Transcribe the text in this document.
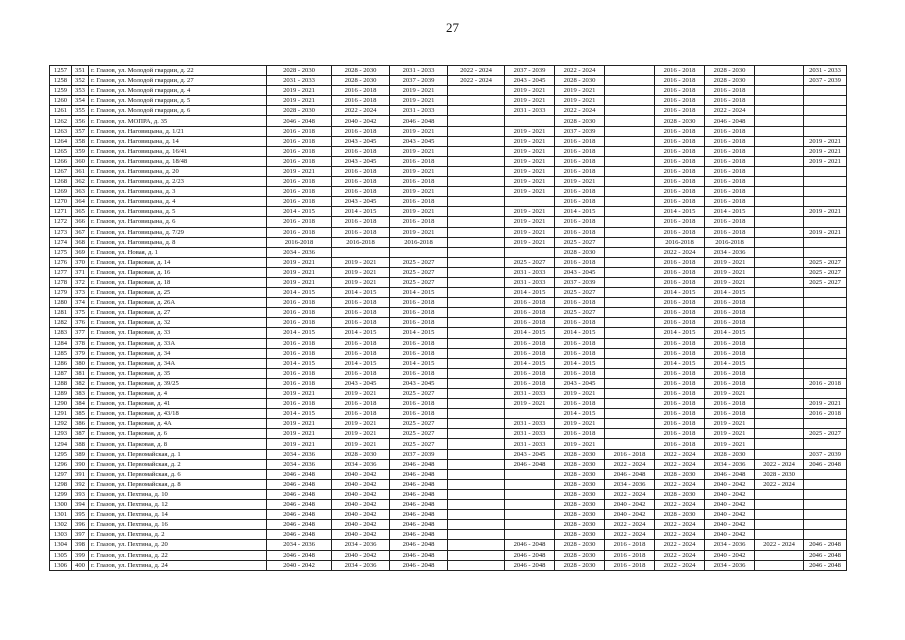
27
1257	351	г. Глазов, ул. Молодой гвардии, д. 22	2028 - 2030	2028 - 2030	2031 - 2033	2022 - 2024	2037 - 2039	2022 - 2024		2016 - 2018	2028 - 2030		2031 - 2033
1258	352	г. Глазов, ул. Молодой гвардии, д. 27	2031 - 2033	2028 - 2030	2037 - 2039	2022 - 2024	2043 - 2045	2028 - 2030		2016 - 2018	2028 - 2030		2037 - 2039
1259	353	г. Глазов, ул. Молодой гвардии, д. 4	2019 - 2021	2016 - 2018	2019 - 2021		2019 - 2021	2019 - 2021		2016 - 2018	2016 - 2018		
1260	354	г. Глазов, ул. Молодой гвардии, д. 5	2019 - 2021	2016 - 2018	2019 - 2021		2019 - 2021	2019 - 2021		2016 - 2018	2016 - 2018		
1261	355	г. Глазов, ул. Молодой гвардии, д. 6	2028 - 2030	2022 - 2024	2031 - 2033		2031 - 2033	2022 - 2024		2016 - 2018	2022 - 2024		
1262	356	г. Глазов, ул. МОПРА, д. 35	2046 - 2048	2040 - 2042	2046 - 2048			2028 - 2030		2028 - 2030	2046 - 2048		
1263	357	г. Глазов, ул. Наговицына, д. 1/21	2016 - 2018	2016 - 2018	2019 - 2021		2019 - 2021	2037 - 2039		2016 - 2018	2016 - 2018		
1264	358	г. Глазов, ул. Наговицына, д. 14	2016 - 2018	2043 - 2045	2043 - 2045		2019 - 2021	2016 - 2018		2016 - 2018	2016 - 2018		2019 - 2021
1265	359	г. Глазов, ул. Наговицына, д. 16/41	2016 - 2018	2016 - 2018	2019 - 2021		2019 - 2021	2016 - 2018		2016 - 2018	2016 - 2018		2019 - 2021
1266	360	г. Глазов, ул. Наговицына, д. 18/48	2016 - 2018	2043 - 2045	2016 - 2018		2019 - 2021	2016 - 2018		2016 - 2018	2016 - 2018		2019 - 2021
1267	361	г. Глазов, ул. Наговицына, д. 20	2019 - 2021	2016 - 2018	2019 - 2021		2019 - 2021	2016 - 2018		2016 - 2018	2016 - 2018		
1268	362	г. Глазов, ул. Наговицына, д. 2/23	2016 - 2018	2016 - 2018	2016 - 2018		2019 - 2021	2019 - 2021		2016 - 2018	2016 - 2018		
1269	363	г. Глазов, ул. Наговицына, д. 3	2016 - 2018	2016 - 2018	2019 - 2021		2019 - 2021	2016 - 2018		2016 - 2018	2016 - 2018		
1270	364	г. Глазов, ул. Наговицына, д. 4	2016 - 2018	2043 - 2045	2016 - 2018			2016 - 2018		2016 - 2018	2016 - 2018		
1271	365	г. Глазов, ул. Наговицына, д. 5	2014 - 2015	2014 - 2015	2019 - 2021		2019 - 2021	2014 - 2015		2014 - 2015	2014 - 2015		2019 - 2021
1272	366	г. Глазов, ул. Наговицына, д. 6	2016 - 2018	2016 - 2018	2016 - 2018		2019 - 2021	2016 - 2018		2016 - 2018	2016 - 2018		
1273	367	г. Глазов, ул. Наговицына, д. 7/29	2016 - 2018	2016 - 2018	2019 - 2021		2019 - 2021	2016 - 2018		2016 - 2018	2016 - 2018		2019 - 2021
1274	368	г. Глазов, ул. Наговицына, д. 8	2016-2018	2016-2018	2016-2018		2019 - 2021	2025 - 2027		2016-2018	2016-2018		
1275	369	г. Глазов, ул. Новая, д. 1	2034 - 2036					2028 - 2030		2022 - 2024	2034 - 2036		
1276	370	г. Глазов, ул. Парковая, д. 14	2019 - 2021	2019 - 2021	2025 - 2027		2025 - 2027	2016 - 2018		2016 - 2018	2019 - 2021		2025 - 2027
1277	371	г. Глазов, ул. Парковая, д. 16	2019 - 2021	2019 - 2021	2025 - 2027		2031 - 2033	2043 - 2045		2016 - 2018	2019 - 2021		2025 - 2027
1278	372	г. Глазов, ул. Парковая, д. 18	2019 - 2021	2019 - 2021	2025 - 2027		2031 - 2033	2037 - 2039		2016 - 2018	2019 - 2021		2025 - 2027
1279	373	г. Глазов, ул. Парковая, д. 25	2014 - 2015	2014 - 2015	2014 - 2015		2014 - 2015	2025 - 2027		2014 - 2015	2014 - 2015		
1280	374	г. Глазов, ул. Парковая, д. 26А	2016 - 2018	2016 - 2018	2016 - 2018		2016 - 2018	2016 - 2018		2016 - 2018	2016 - 2018		
1281	375	г. Глазов, ул. Парковая, д. 27	2016 - 2018	2016 - 2018	2016 - 2018		2016 - 2018	2025 - 2027		2016 - 2018	2016 - 2018		
1282	376	г. Глазов, ул. Парковая, д. 32	2016 - 2018	2016 - 2018	2016 - 2018		2016 - 2018	2016 - 2018		2016 - 2018	2016 - 2018		
1283	377	г. Глазов, ул. Парковая, д. 33	2014 - 2015	2014 - 2015	2014 - 2015		2014 - 2015	2014 - 2015		2014 - 2015	2014 - 2015		
1284	378	г. Глазов, ул. Парковая, д. 33А	2016 - 2018	2016 - 2018	2016 - 2018		2016 - 2018	2016 - 2018		2016 - 2018	2016 - 2018		
1285	379	г. Глазов, ул. Парковая, д. 34	2016 - 2018	2016 - 2018	2016 - 2018		2016 - 2018	2016 - 2018		2016 - 2018	2016 - 2018		
1286	380	г. Глазов, ул. Парковая, д. 34А	2014 - 2015	2014 - 2015	2014 - 2015		2014 - 2015	2014 - 2015		2014 - 2015	2014 - 2015		
1287	381	г. Глазов, ул. Парковая, д. 35	2016 - 2018	2016 - 2018	2016 - 2018		2016 - 2018	2016 - 2018		2016 - 2018	2016 - 2018		
1288	382	г. Глазов, ул. Парковая, д. 39/25	2016 - 2018	2043 - 2045	2043 - 2045		2016 - 2018	2043 - 2045		2016 - 2018	2016 - 2018		2016 - 2018
1289	383	г. Глазов, ул. Парковая, д. 4	2019 - 2021	2019 - 2021	2025 - 2027		2031 - 2033	2019 - 2021		2016 - 2018	2019 - 2021		
1290	384	г. Глазов, ул. Парковая, д. 41	2016 - 2018	2016 - 2018	2016 - 2018		2019 - 2021	2016 - 2018		2016 - 2018	2016 - 2018		2019 - 2021
1291	385	г. Глазов, ул. Парковая, д. 43/18	2014 - 2015	2016 - 2018	2016 - 2018			2014 - 2015		2016 - 2018	2016 - 2018		2016 - 2018
1292	386	г. Глазов, ул. Парковая, д. 4А	2019 - 2021	2019 - 2021	2025 - 2027		2031 - 2033	2019 - 2021		2016 - 2018	2019 - 2021		
1293	387	г. Глазов, ул. Парковая, д. 6	2019 - 2021	2019 - 2021	2025 - 2027		2031 - 2033	2016 - 2018		2016 - 2018	2019 - 2021		2025 - 2027
1294	388	г. Глазов, ул. Парковая, д. 8	2019 - 2021	2019 - 2021	2025 - 2027		2031 - 2033	2019 - 2021		2016 - 2018	2019 - 2021		
1295	389	г. Глазов, ул. Первомайская, д. 1	2034 - 2036	2028 - 2030	2037 - 2039		2043 - 2045	2028 - 2030	2016 - 2018	2022 - 2024	2028 - 2030		2037 - 2039
1296	390	г. Глазов, ул. Первомайская, д. 2	2034 - 2036	2034 - 2036	2046 - 2048		2046 - 2048	2028 - 2030	2022 - 2024	2022 - 2024	2034 - 2036	2022 - 2024	2046 - 2048
1297	391	г. Глазов, ул. Первомайская, д. 6	2046 - 2048	2040 - 2042	2046 - 2048			2028 - 2030	2046 - 2048	2028 - 2030	2046 - 2048	2028 - 2030	
1298	392	г. Глазов, ул. Первомайская, д. 8	2046 - 2048	2040 - 2042	2046 - 2048			2028 - 2030	2034 - 2036	2022 - 2024	2040 - 2042	2022 - 2024	
1299	393	г. Глазов, ул. Пехтина, д. 10	2046 - 2048	2040 - 2042	2046 - 2048			2028 - 2030	2022 - 2024	2028 - 2030	2040 - 2042		
1300	394	г. Глазов, ул. Пехтина, д. 12	2046 - 2048	2040 - 2042	2046 - 2048			2028 - 2030	2040 - 2042	2022 - 2024	2040 - 2042		
1301	395	г. Глазов, ул. Пехтина, д. 14	2046 - 2048	2040 - 2042	2046 - 2048			2028 - 2030	2040 - 2042	2028 - 2030	2040 - 2042		
1302	396	г. Глазов, ул. Пехтина, д. 16	2046 - 2048	2040 - 2042	2046 - 2048			2028 - 2030	2022 - 2024	2022 - 2024	2040 - 2042		
1303	397	г. Глазов, ул. Пехтина, д. 2	2046 - 2048	2040 - 2042	2046 - 2048			2028 - 2030	2022 - 2024	2022 - 2024	2040 - 2042		
1304	398	г. Глазов, ул. Пехтина, д. 20	2034 - 2036	2034 - 2036	2046 - 2048		2046 - 2048	2028 - 2030	2016 - 2018	2022 - 2024	2034 - 2036	2022 - 2024	2046 - 2048
1305	399	г. Глазов, ул. Пехтина, д. 22	2046 - 2048	2040 - 2042	2046 - 2048		2046 - 2048	2028 - 2030	2016 - 2018	2022 - 2024	2040 - 2042		2046 - 2048
1306	400	г. Глазов, ул. Пехтина, д. 24	2040 - 2042	2034 - 2036	2046 - 2048		2046 - 2048	2028 - 2030	2016 - 2018	2022 - 2024	2034 - 2036		2046 - 2048
